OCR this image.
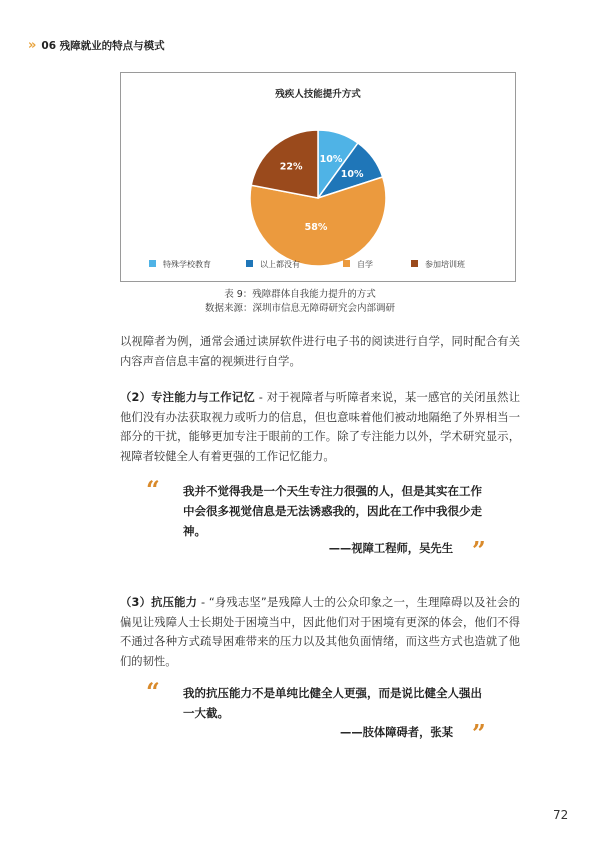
» 06 残障就业的特点与模式
残疾人技能提升方式
10%
10%
58%
22%
特殊学校教育	以上都没有	自学	参加培训班
表 9：残障群体自我能力提升的方式
数据来源：深圳市信息无障碍研究会内部调研

以视障者为例，通常会通过读屏软件进行电子书的阅读进行自学，同时配合有关内容声音信息丰富的视频进行自学。

（2）专注能力与工作记忆 - 对于视障者与听障者来说，某一感官的关闭虽然让他们没有办法获取视力或听力的信息，但也意味着他们被动地隔绝了外界相当一部分的干扰，能够更加专注于眼前的工作。除了专注能力以外，学术研究显示，视障者较健全人有着更强的工作记忆能力。

“ 我并不觉得我是一个天生专注力很强的人，但是其实在工作中会很多视觉信息是无法诱惑我的，因此在工作中我很少走神。

——视障工程师，吴先生 ”

（3）抗压能力 - “身残志坚”是残障人士的公众印象之一，生理障碍以及社会的偏见让残障人士长期处于困境当中，因此他们对于困境有更深的体会，他们不得不通过各种方式疏导困难带来的压力以及其他负面情绪，而这些方式也造就了他们的韧性。

“ 我的抗压能力不是单纯比健全人更强，而是说比健全人强出一大截。

——肢体障碍者，张某 ”
72
